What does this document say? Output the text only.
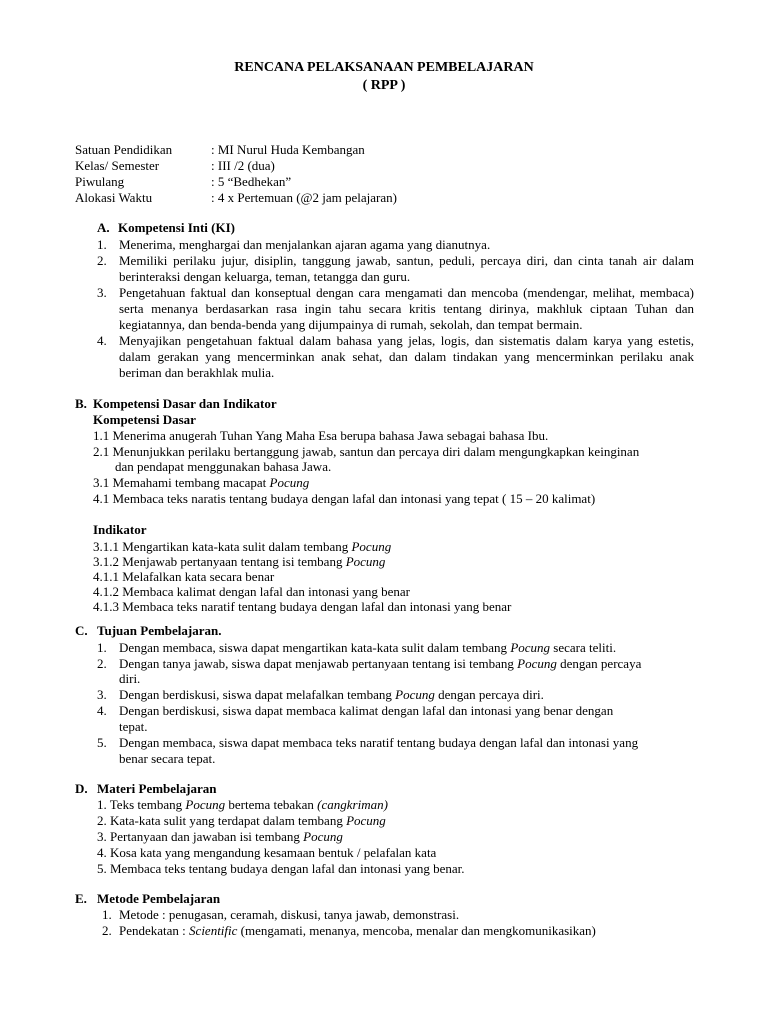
RENCANA PELAKSANAAN PEMBELAJARAN
( RPP )
Satuan Pendidikan	: MI Nurul Huda Kembangan
Kelas/ Semester	: III /2 (dua)
Piwulang	: 5 “Bedhekan”
Alokasi Waktu	: 4 x Pertemuan (@2 jam pelajaran)
A. Kompetensi Inti (KI)
1. Menerima, menghargai dan menjalankan ajaran agama yang dianutnya.
2. Memiliki perilaku jujur, disiplin, tanggung jawab, santun, peduli, percaya diri, dan cinta tanah air dalam berinteraksi dengan keluarga, teman, tetangga dan guru.
3. Pengetahuan faktual dan konseptual dengan cara mengamati dan mencoba (mendengar, melihat, membaca) serta menanya berdasarkan rasa ingin tahu secara kritis tentang dirinya, makhluk ciptaan Tuhan dan kegiatannya, dan benda-benda yang dijumpainya di rumah, sekolah, dan tempat bermain.
4. Menyajikan pengetahuan faktual dalam bahasa yang jelas, logis, dan sistematis dalam karya yang estetis, dalam gerakan yang mencerminkan anak sehat, dan dalam tindakan yang mencerminkan perilaku anak beriman dan berakhlak mulia.
B. Kompetensi Dasar dan Indikator
Kompetensi Dasar
1.1 Menerima anugerah Tuhan Yang Maha Esa berupa bahasa Jawa sebagai bahasa Ibu.
2.1 Menunjukkan perilaku bertanggung jawab, santun dan percaya diri dalam mengungkapkan keinginan
dan pendapat menggunakan bahasa Jawa.
3.1 Memahami tembang macapat Pocung
4.1 Membaca teks naratis tentang budaya dengan lafal dan intonasi yang tepat ( 15 – 20 kalimat)
Indikator
3.1.1 Mengartikan kata-kata sulit dalam tembang Pocung
3.1.2 Menjawab pertanyaan tentang isi tembang Pocung
4.1.1 Melafalkan kata secara benar
4.1.2 Membaca kalimat dengan lafal dan intonasi yang benar
4.1.3 Membaca teks naratif tentang budaya dengan lafal dan intonasi yang benar
C. Tujuan Pembelajaran.
1. Dengan membaca, siswa dapat mengartikan kata-kata sulit dalam tembang Pocung secara teliti.
2. Dengan tanya jawab, siswa dapat menjawab pertanyaan tentang isi tembang Pocung dengan percaya
diri.
3. Dengan berdiskusi, siswa dapat melafalkan tembang Pocung dengan percaya diri.
4. Dengan berdiskusi, siswa dapat membaca kalimat dengan lafal dan intonasi yang benar dengan
tepat.
5. Dengan membaca, siswa dapat membaca teks naratif tentang budaya dengan lafal dan intonasi yang
benar secara tepat.
D. Materi Pembelajaran
1. Teks tembang Pocung bertema tebakan (cangkriman)
2. Kata-kata sulit yang terdapat dalam tembang Pocung
3. Pertanyaan dan jawaban isi tembang Pocung
4. Kosa kata yang mengandung kesamaan bentuk / pelafalan kata
5. Membaca teks tentang budaya dengan lafal dan intonasi yang benar.
E. Metode Pembelajaran
1. Metode : penugasan, ceramah, diskusi, tanya jawab, demonstrasi.
2. Pendekatan : Scientific (mengamati, menanya, mencoba, menalar dan mengkomunikasikan)
